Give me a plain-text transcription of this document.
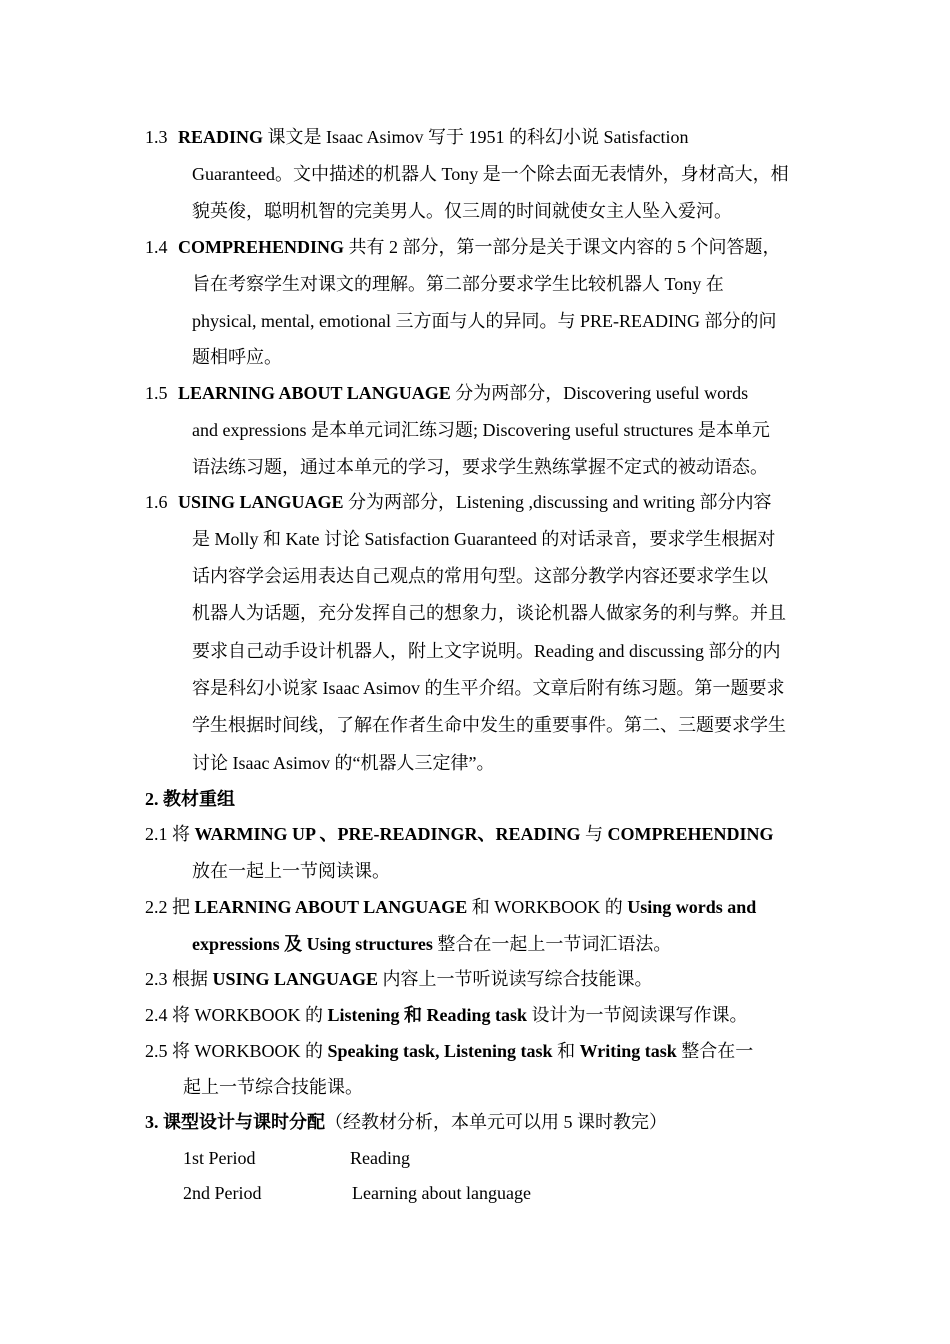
1.3 READING 课文是 Isaac Asimov 写于 1951 的科幻小说 Satisfaction
Guaranteed。文中描述的机器人 Tony 是一个除去面无表情外，身材高大，相
貌英俊，聪明机智的完美男人。仅三周的时间就使女主人坠入爱河。
1.4 COMPREHENDING 共有 2 部分，第一部分是关于课文内容的 5 个问答题，
旨在考察学生对课文的理解。第二部分要求学生比较机器人 Tony 在
physical, mental, emotional 三方面与人的异同。与 PRE-READING 部分的问
题相呼应。
1.5 LEARNING ABOUT LANGUAGE 分为两部分，Discovering useful words
and expressions 是本单元词汇练习题; Discovering useful structures 是本单元
语法练习题，通过本单元的学习，要求学生熟练掌握不定式的被动语态。
1.6 USING LANGUAGE 分为两部分，Listening ,discussing and writing 部分内容
是 Molly 和 Kate 讨论 Satisfaction Guaranteed 的对话录音，要求学生根据对
话内容学会运用表达自己观点的常用句型。这部分教学内容还要求学生以
机器人为话题，充分发挥自己的想象力，谈论机器人做家务的利与弊。并且
要求自己动手设计机器人，附上文字说明。Reading and discussing 部分的内
容是科幻小说家 Isaac Asimov 的生平介绍。文章后附有练习题。第一题要求
学生根据时间线，了解在作者生命中发生的重要事件。第二、三题要求学生
讨论 Isaac Asimov 的“机器人三定律”。
2. 教材重组
2.1 将 WARMING UP 、PRE-READINGR、READING 与 COMPREHENDING
放在一起上一节阅读课。
2.2 把 LEARNING ABOUT LANGUAGE 和 WORKBOOK 的 Using words and
expressions 及 Using structures 整合在一起上一节词汇语法。
2.3 根据 USING LANGUAGE 内容上一节听说读写综合技能课。
2.4 将 WORKBOOK 的 Listening 和 Reading task 设计为一节阅读课写作课。
2.5 将 WORKBOOK 的 Speaking task, Listening task 和 Writing task 整合在一
起上一节综合技能课。
3. 课型设计与课时分配（经教材分析，本单元可以用 5 课时教完）
1st Period	Reading
2nd Period	Learning about language
